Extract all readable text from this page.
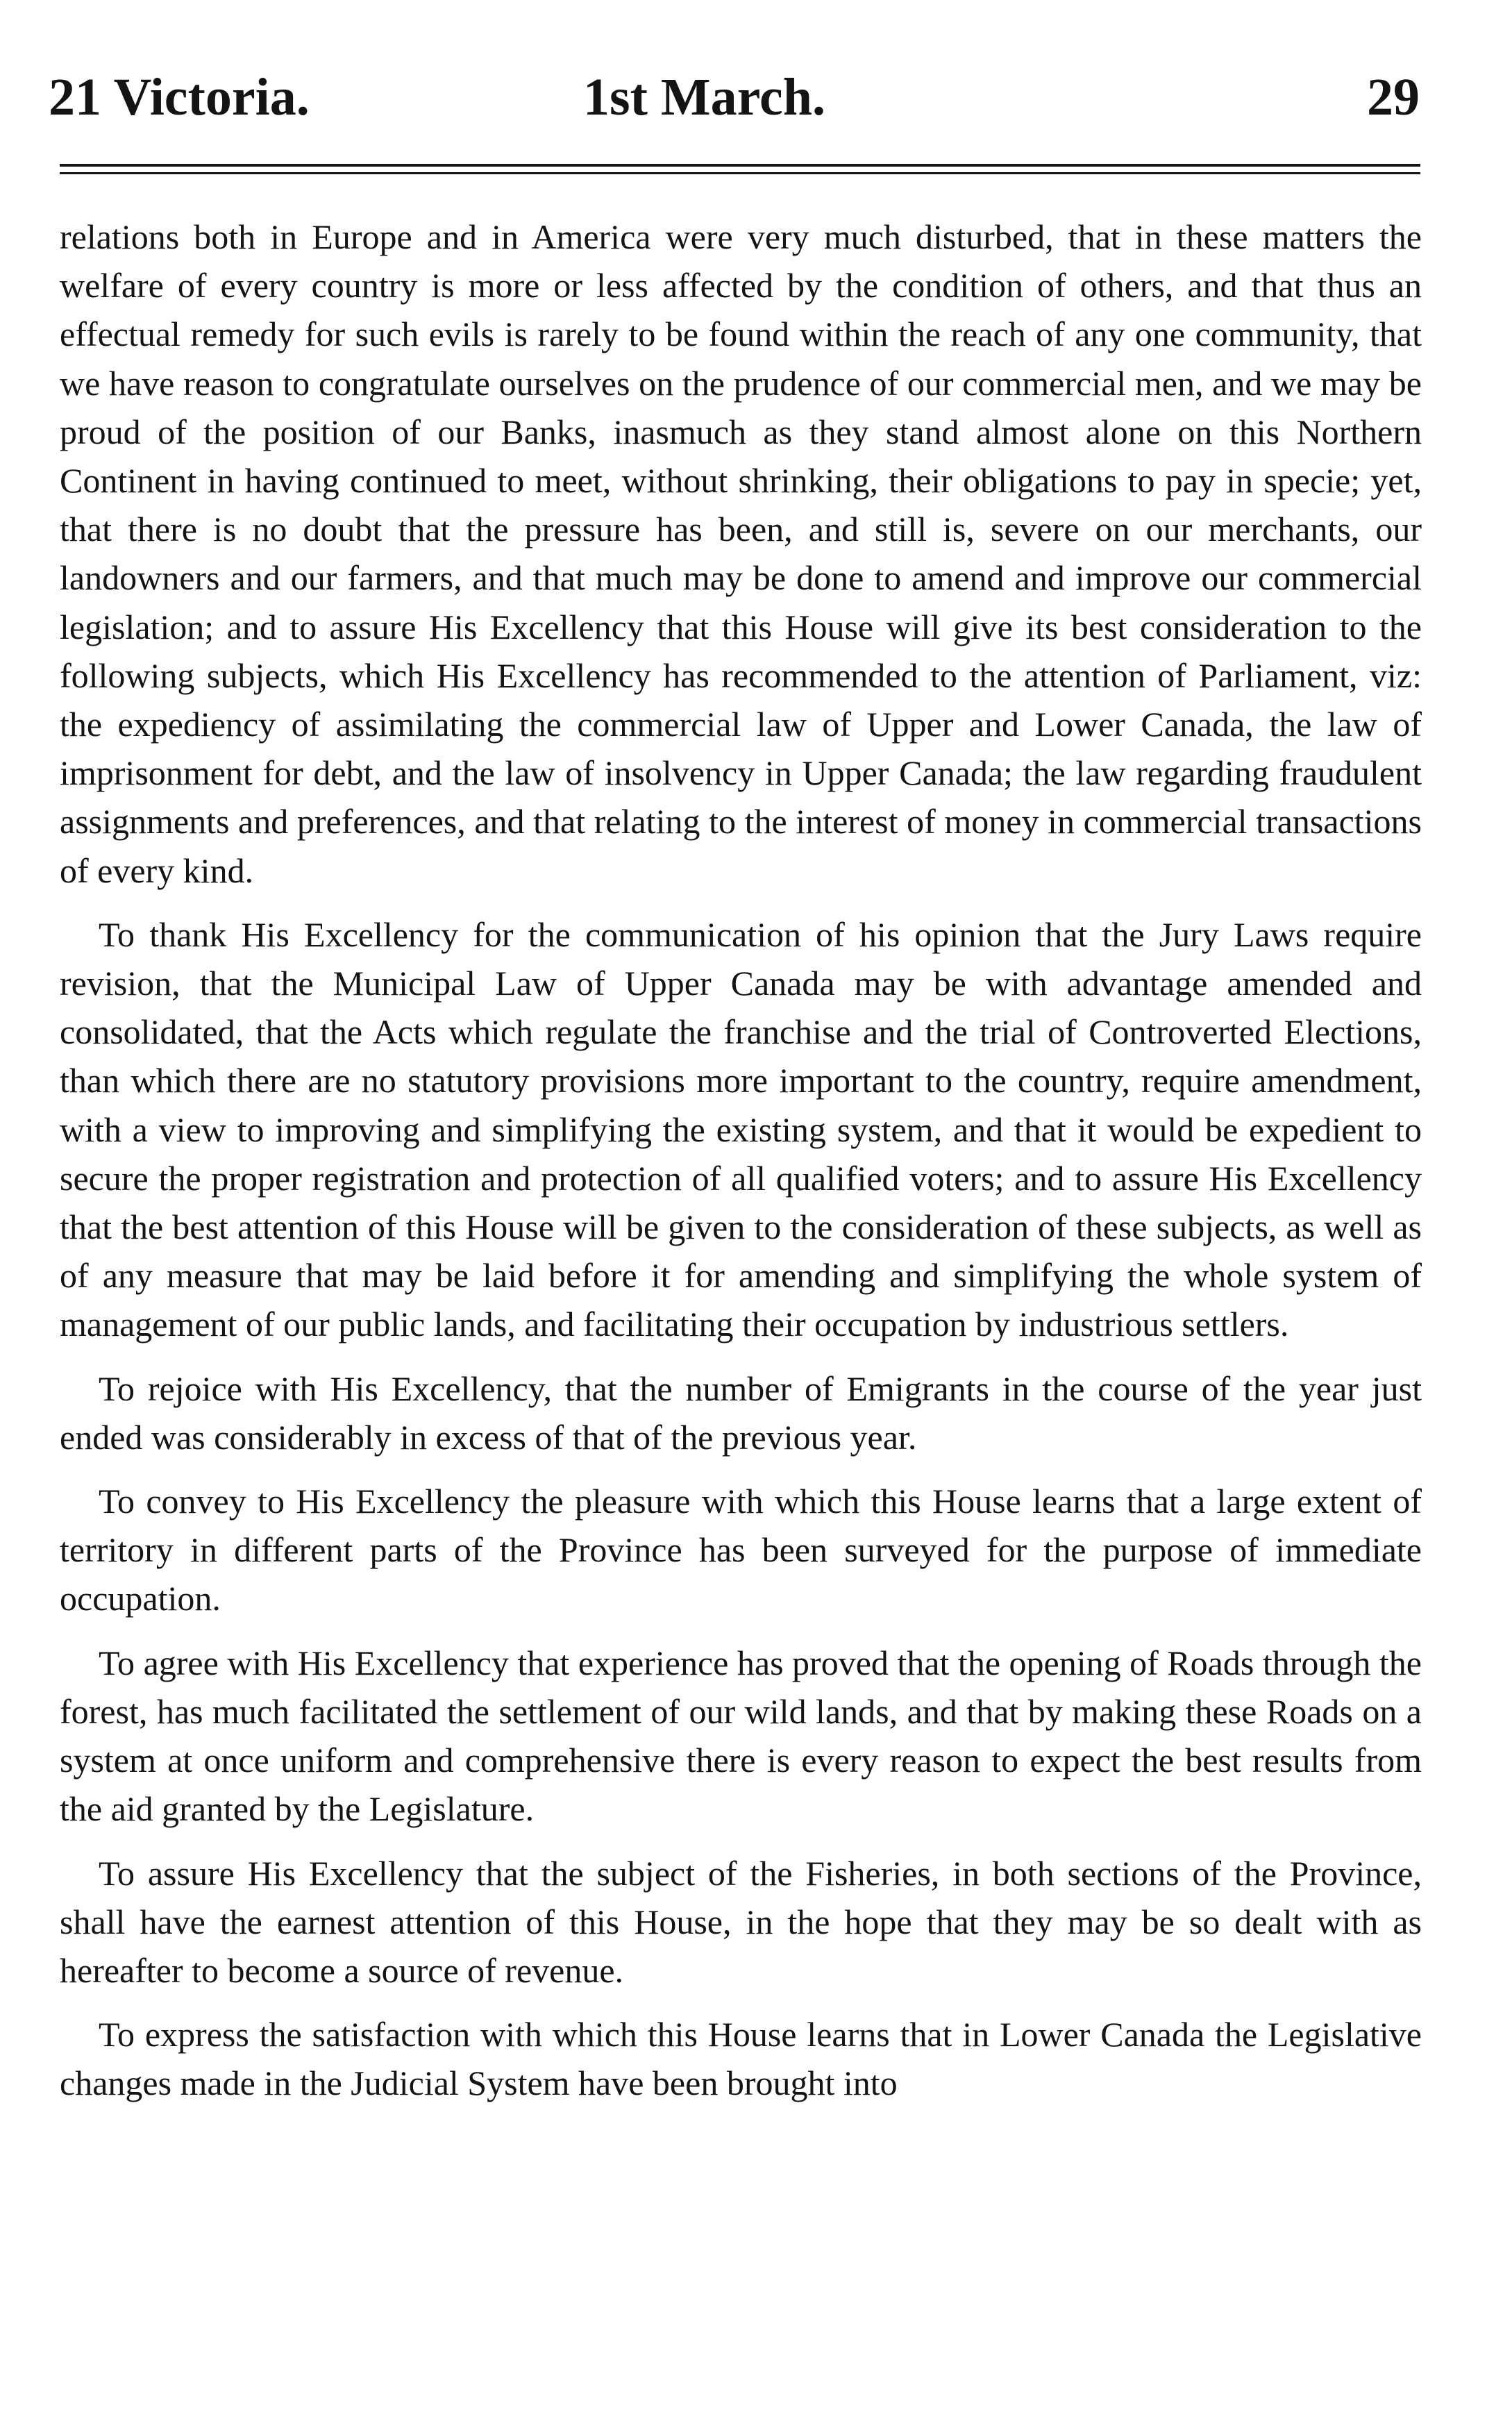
21 Victoria.	1st March.	29

relations both in Europe and in America were very much disturbed, that in these matters the welfare of every country is more or less affected by the condition of others, and that thus an effectual remedy for such evils is rarely to be found within the reach of any one community, that we have reason to congratulate ourselves on the prudence of our commercial men, and we may be proud of the position of our Banks, inasmuch as they stand almost alone on this Northern Continent in having continued to meet, without shrinking, their obligations to pay in specie; yet, that there is no doubt that the pressure has been, and still is, severe on our merchants, our landowners and our farmers, and that much may be done to amend and improve our commercial legislation; and to assure His Excellency that this House will give its best consideration to the following subjects, which His Excellency has recommended to the attention of Parliament, viz: the expediency of assimilating the commercial law of Upper and Lower Canada, the law of imprisonment for debt, and the law of insolvency in Upper Canada; the law regarding fraudulent assignments and preferences, and that relating to the interest of money in commercial transactions of every kind.

To thank His Excellency for the communication of his opinion that the Jury Laws require revision, that the Municipal Law of Upper Canada may be with advantage amended and consolidated, that the Acts which regulate the franchise and the trial of Controverted Elections, than which there are no statutory provisions more important to the country, require amendment, with a view to improving and simplifying the existing system, and that it would be expedient to secure the proper registration and protection of all qualified voters; and to assure His Excellency that the best attention of this House will be given to the consideration of these subjects, as well as of any measure that may be laid before it for amending and simplifying the whole system of management of our public lands, and facilitating their occupation by industrious settlers.

To rejoice with His Excellency, that the number of Emigrants in the course of the year just ended was considerably in excess of that of the previous year.

To convey to His Excellency the pleasure with which this House learns that a large extent of territory in different parts of the Province has been surveyed for the purpose of immediate occupation.

To agree with His Excellency that experience has proved that the opening of Roads through the forest, has much facilitated the settlement of our wild lands, and that by making these Roads on a system at once uniform and comprehensive there is every reason to expect the best results from the aid granted by the Legislature.

To assure His Excellency that the subject of the Fisheries, in both sections of the Province, shall have the earnest attention of this House, in the hope that they may be so dealt with as hereafter to become a source of revenue.

To express the satisfaction with which this House learns that in Lower Canada the Legislative changes made in the Judicial System have been brought into
